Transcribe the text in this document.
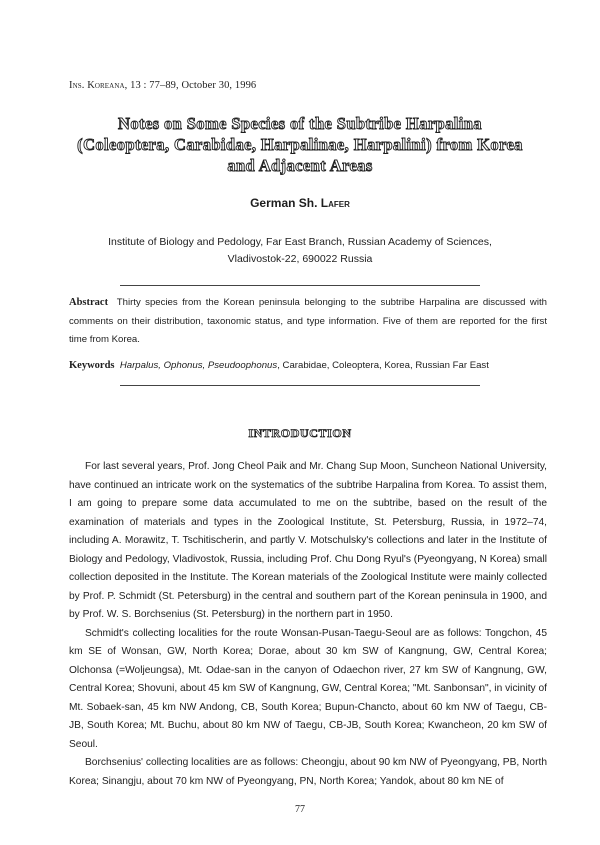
Ins. Koreana, 13 : 77–89, October 30, 1996
Notes on Some Species of the Subtribe Harpalina
(Coleoptera, Carabidae, Harpalinae, Harpalini) from Korea
and Adjacent Areas
German Sh. Lafer
Institute of Biology and Pedology, Far East Branch, Russian Academy of Sciences,
Vladivostok-22, 690022 Russia
Abstract Thirty species from the Korean peninsula belonging to the subtribe Harpalina are discussed with comments on their distribution, taxonomic status, and type information. Five of them are reported for the first time from Korea.
Keywords Harpalus, Ophonus, Pseudoophonus, Carabidae, Coleoptera, Korea, Russian Far East
INTRODUCTION

For last several years, Prof. Jong Cheol Paik and Mr. Chang Sup Moon, Suncheon National University, have continued an intricate work on the systematics of the subtribe Harpalina from Korea. To assist them, I am going to prepare some data accumulated to me on the subtribe, based on the result of the examination of materials and types in the Zoological Institute, St. Petersburg, Russia, in 1972–74, including A. Morawitz, T. Tschitischerin, and partly V. Motschulsky's collections and later in the Institute of Biology and Pedology, Vladivostok, Russia, including Prof. Chu Dong Ryul's (Pyeongyang, N Korea) small collection deposited in the Institute. The Korean materials of the Zoological Institute were mainly collected by Prof. P. Schmidt (St. Petersburg) in the central and southern part of the Korean peninsula in 1900, and by Prof. W. S. Borchsenius (St. Petersburg) in the northern part in 1950.

Schmidt's collecting localities for the route Wonsan-Pusan-Taegu-Seoul are as follows: Tongchon, 45 km SE of Wonsan, GW, North Korea; Dorae, about 30 km SW of Kangnung, GW, Central Korea; Olchonsa (=Woljeungsa), Mt. Odae-san in the canyon of Odaechon river, 27 km SW of Kangnung, GW, Central Korea; Shovuni, about 45 km SW of Kangnung, GW, Central Korea; "Mt. Sanbonsan", in vicinity of Mt. Sobaek-san, 45 km NW Andong, CB, South Korea; Bupun-Chancto, about 60 km NW of Taegu, CB-JB, South Korea; Mt. Buchu, about 80 km NW of Taegu, CB-JB, South Korea; Kwancheon, 20 km SW of Seoul.

Borchsenius' collecting localities are as follows: Cheongju, about 90 km NW of Pyeongyang, PB, North Korea; Sinangju, about 70 km NW of Pyeongyang, PN, North Korea; Yandok, about 80 km NE of

77
